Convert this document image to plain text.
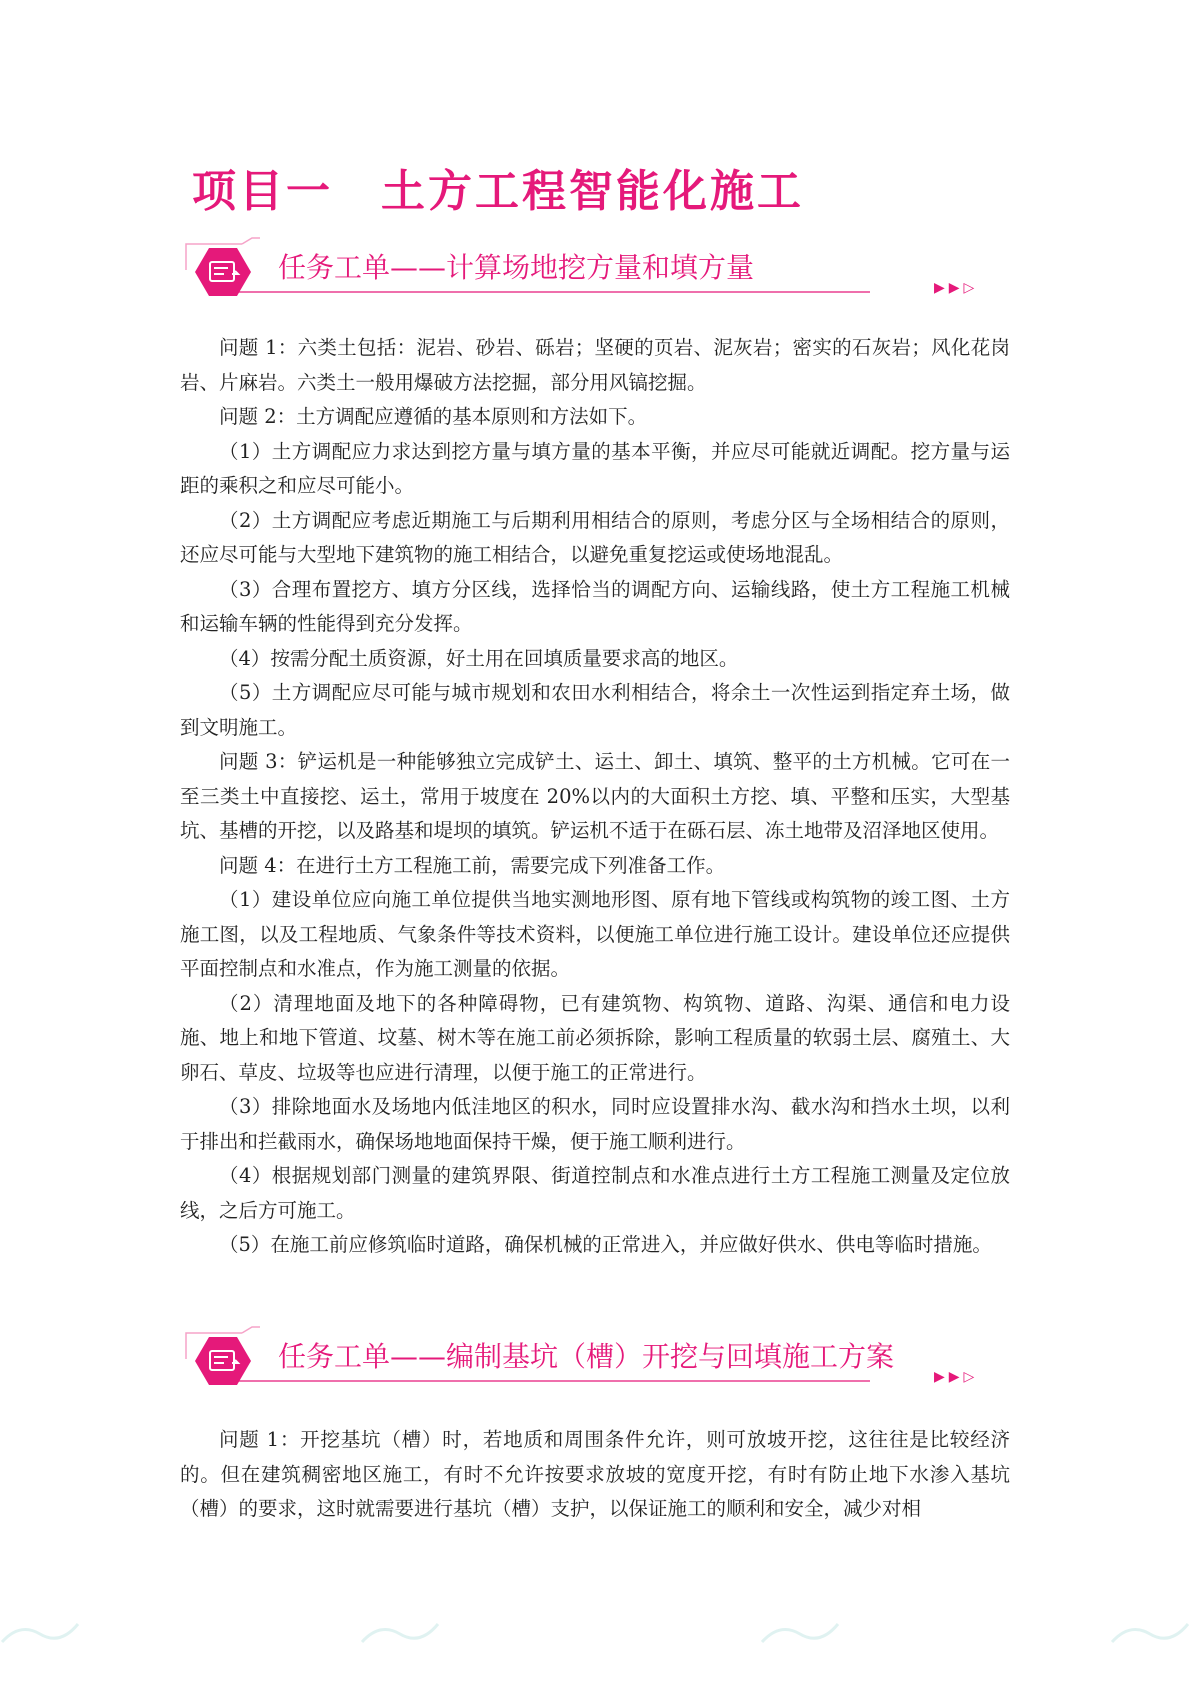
项目一 土方工程智能化施工
任务工单——计算场地挖方量和填方量
▶▶▷

问题 1：六类土包括：泥岩、砂岩、砾岩；坚硬的页岩、泥灰岩；密实的石灰岩；风化花岗岩、片麻岩。六类土一般用爆破方法挖掘，部分用风镐挖掘。

问题 2：土方调配应遵循的基本原则和方法如下。

（1）土方调配应力求达到挖方量与填方量的基本平衡，并应尽可能就近调配。挖方量与运距的乘积之和应尽可能小。

（2）土方调配应考虑近期施工与后期利用相结合的原则，考虑分区与全场相结合的原则，还应尽可能与大型地下建筑物的施工相结合，以避免重复挖运或使场地混乱。

（3）合理布置挖方、填方分区线，选择恰当的调配方向、运输线路，使土方工程施工机械和运输车辆的性能得到充分发挥。

（4）按需分配土质资源，好土用在回填质量要求高的地区。

（5）土方调配应尽可能与城市规划和农田水利相结合，将余土一次性运到指定弃土场，做到文明施工。

问题 3：铲运机是一种能够独立完成铲土、运土、卸土、填筑、整平的土方机械。它可在一至三类土中直接挖、运土，常用于坡度在 20%以内的大面积土方挖、填、平整和压实，大型基坑、基槽的开挖，以及路基和堤坝的填筑。铲运机不适于在砾石层、冻土地带及沼泽地区使用。

问题 4：在进行土方工程施工前，需要完成下列准备工作。

（1）建设单位应向施工单位提供当地实测地形图、原有地下管线或构筑物的竣工图、土方施工图，以及工程地质、气象条件等技术资料，以便施工单位进行施工设计。建设单位还应提供平面控制点和水准点，作为施工测量的依据。

（2）清理地面及地下的各种障碍物，已有建筑物、构筑物、道路、沟渠、通信和电力设施、地上和地下管道、坟墓、树木等在施工前必须拆除，影响工程质量的软弱土层、腐殖土、大卵石、草皮、垃圾等也应进行清理，以便于施工的正常进行。

（3）排除地面水及场地内低洼地区的积水，同时应设置排水沟、截水沟和挡水土坝，以利于排出和拦截雨水，确保场地地面保持干燥，便于施工顺利进行。

（4）根据规划部门测量的建筑界限、街道控制点和水准点进行土方工程施工测量及定位放线，之后方可施工。

（5）在施工前应修筑临时道路，确保机械的正常进入，并应做好供水、供电等临时措施。

任务工单——编制基坑（槽）开挖与回填施工方案
▶▶▷

问题 1：开挖基坑（槽）时，若地质和周围条件允许，则可放坡开挖，这往往是比较经济的。但在建筑稠密地区施工，有时不允许按要求放坡的宽度开挖，有时有防止地下水渗入基坑（槽）的要求，这时就需要进行基坑（槽）支护，以保证施工的顺利和安全，减少对相
